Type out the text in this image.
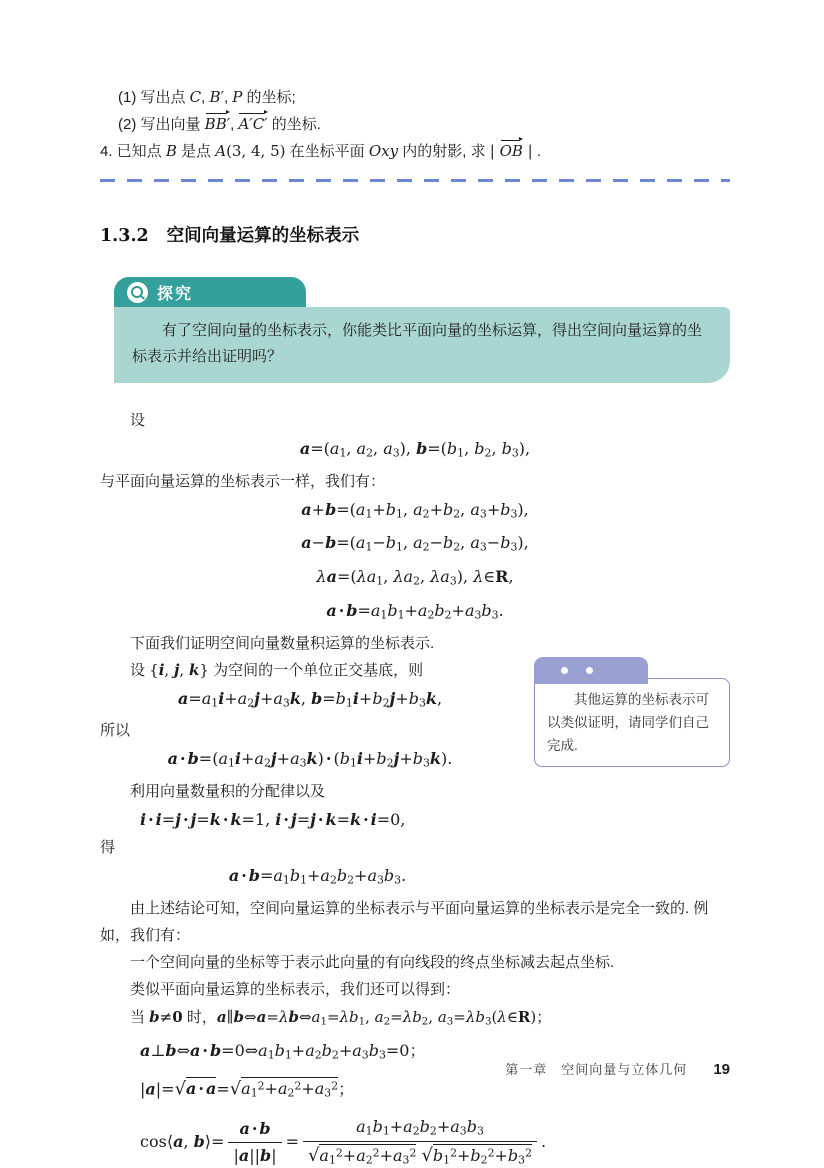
(1) 写出点 C, B′, P 的坐标;
(2) 写出向量 BB′, A′C′ 的坐标.
4. 已知点 B 是点 A(3, 4, 5) 在坐标平面 Oxy 内的射影, 求 | OB | .
1.3.2 空间向量运算的坐标表示
探究

有了空间向量的坐标表示，你能类比平面向量的坐标运算，得出空间向量运算的坐标表示并给出证明吗？

设

a=(a1, a2, a3), b=(b1, b2, b3),

与平面向量运算的坐标表示一样，我们有：

a+b=(a1+b1, a2+b2, a3+b3),
a−b=(a1−b1, a2−b2, a3−b3),
λa=(λa1, λa2, λa3), λ∈R,
a · b=a1b1+a2b2+a3b3.

下面我们证明空间向量数量积运算的坐标表示.

其他运算的坐标表示可以类似证明，请同学们自己完成.

设 {i, j, k} 为空间的一个单位正交基底，则

a=a1i+a2j+a3k, b=b1i+b2j+b3k,

所以

a · b=(a1i+a2j+a3k) · (b1i+b2j+b3k).

利用向量数量积的分配律以及

i · i=j · j=k · k=1, i · j=j · k=k · i=0,

得

a · b=a1b1+a2b2+a3b3.

由上述结论可知，空间向量运算的坐标表示与平面向量运算的坐标表示是完全一致的. 例如，我们有：

一个空间向量的坐标等于表示此向量的有向线段的终点坐标减去起点坐标.

类似平面向量运算的坐标表示，我们还可以得到：

当 b≠0 时，a∥b⇔a=λb⇔a1=λb1, a2=λb2, a3=λb3(λ∈R)；
a⊥b⇔a · b=0⇔a1b1+a2b2+a3b3=0；
$|a|=√a \cdot a=√a1^2+a2^2+a3^2$；
cos⟨a, b⟩= $\frac{a \cdot b}{|a||b|} = \frac{a1b1+a2b2+a3b3}{√a1^2+a2^2+a3^2 √b1^2+b2^2+b3^2}$ .
第一章　空间向量与立体几何 19
